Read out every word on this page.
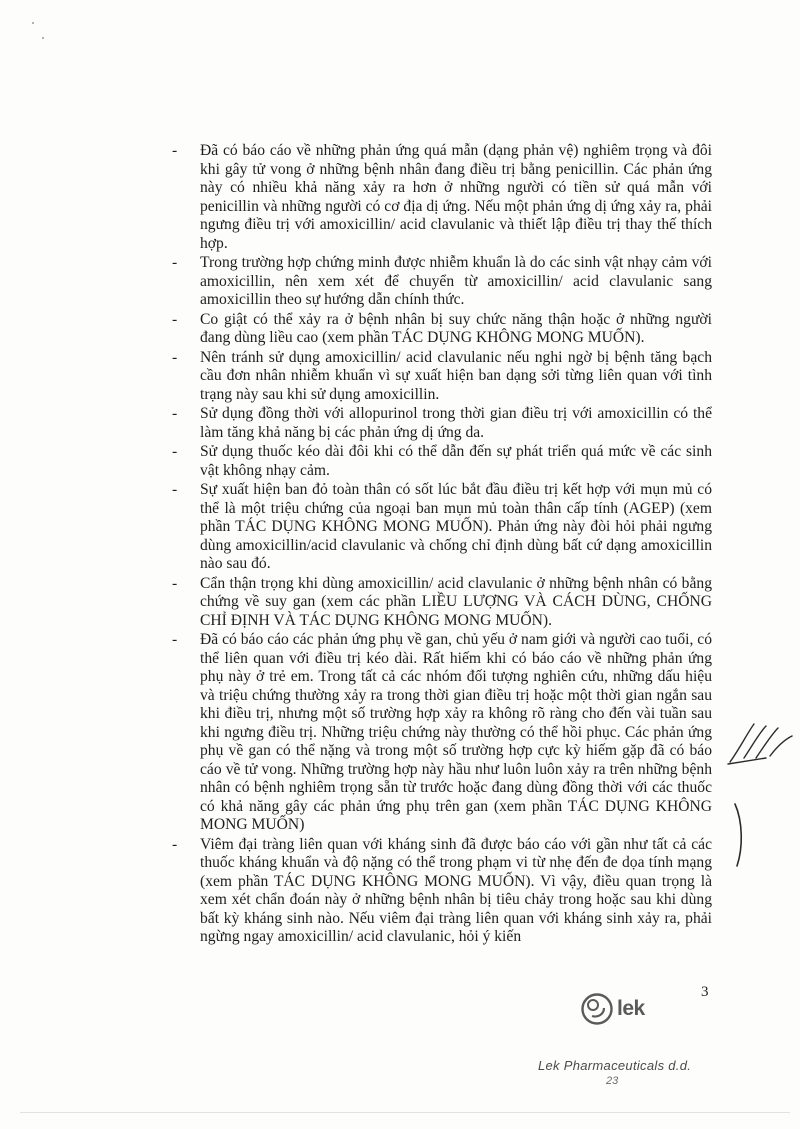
- Đã có báo cáo về những phản ứng quá mẫn (dạng phản vệ) nghiêm trọng và đôi khi gây tử vong ở những bệnh nhân đang điều trị bằng penicillin. Các phản ứng này có nhiều khả năng xảy ra hơn ở những người có tiền sử quá mẫn với penicillin và những người có cơ địa dị ứng. Nếu một phản ứng dị ứng xảy ra, phải ngưng điều trị với amoxicillin/ acid clavulanic và thiết lập điều trị thay thế thích hợp.
- Trong trường hợp chứng minh được nhiễm khuẩn là do các sinh vật nhạy cảm với amoxicillin, nên xem xét để chuyển từ amoxicillin/ acid clavulanic sang amoxicillin theo sự hướng dẫn chính thức.
- Co giật có thể xảy ra ở bệnh nhân bị suy chức năng thận hoặc ở những người đang dùng liều cao (xem phần TÁC DỤNG KHÔNG MONG MUỐN).
- Nên tránh sử dụng amoxicillin/ acid clavulanic nếu nghi ngờ bị bệnh tăng bạch cầu đơn nhân nhiễm khuẩn vì sự xuất hiện ban dạng sởi từng liên quan với tình trạng này sau khi sử dụng amoxicillin.
- Sử dụng đồng thời với allopurinol trong thời gian điều trị với amoxicillin có thể làm tăng khả năng bị các phản ứng dị ứng da.
- Sử dụng thuốc kéo dài đôi khi có thể dẫn đến sự phát triển quá mức về các sinh vật không nhạy cảm.
- Sự xuất hiện ban đỏ toàn thân có sốt lúc bắt đầu điều trị kết hợp với mụn mủ có thể là một triệu chứng của ngoại ban mụn mủ toàn thân cấp tính (AGEP) (xem phần TÁC DỤNG KHÔNG MONG MUỐN). Phản ứng này đòi hỏi phải ngưng dùng amoxicillin/acid clavulanic và chống chỉ định dùng bất cứ dạng amoxicillin nào sau đó.
- Cẩn thận trọng khi dùng amoxicillin/ acid clavulanic ở những bệnh nhân có bằng chứng về suy gan (xem các phần LIỀU LƯỢNG VÀ CÁCH DÙNG, CHỐNG CHỈ ĐỊNH VÀ TÁC DỤNG KHÔNG MONG MUỐN).
- Đã có báo cáo các phản ứng phụ về gan, chủ yếu ở nam giới và người cao tuổi, có thể liên quan với điều trị kéo dài. Rất hiếm khi có báo cáo về những phản ứng phụ này ở trẻ em. Trong tất cả các nhóm đối tượng nghiên cứu, những dấu hiệu và triệu chứng thường xảy ra trong thời gian điều trị hoặc một thời gian ngắn sau khi điều trị, nhưng một số trường hợp xảy ra không rõ ràng cho đến vài tuần sau khi ngưng điều trị. Những triệu chứng này thường có thể hồi phục. Các phản ứng phụ về gan có thể nặng và trong một số trường hợp cực kỳ hiếm gặp đã có báo cáo về tử vong. Những trường hợp này hầu như luôn luôn xảy ra trên những bệnh nhân có bệnh nghiêm trọng sẵn từ trước hoặc đang dùng đồng thời với các thuốc có khả năng gây các phản ứng phụ trên gan (xem phần TÁC DỤNG KHÔNG MONG MUỐN)
- Viêm đại tràng liên quan với kháng sinh đã được báo cáo với gần như tất cả các thuốc kháng khuẩn và độ nặng có thể trong phạm vi từ nhẹ đến đe dọa tính mạng (xem phần TÁC DỤNG KHÔNG MONG MUỐN). Vì vậy, điều quan trọng là xem xét chẩn đoán này ở những bệnh nhân bị tiêu chảy trong hoặc sau khi dùng bất kỳ kháng sinh nào. Nếu viêm đại tràng liên quan với kháng sinh xảy ra, phải ngừng ngay amoxicillin/ acid clavulanic, hỏi ý kiến
3
lek
Lek Pharmaceuticals d.d.
23
